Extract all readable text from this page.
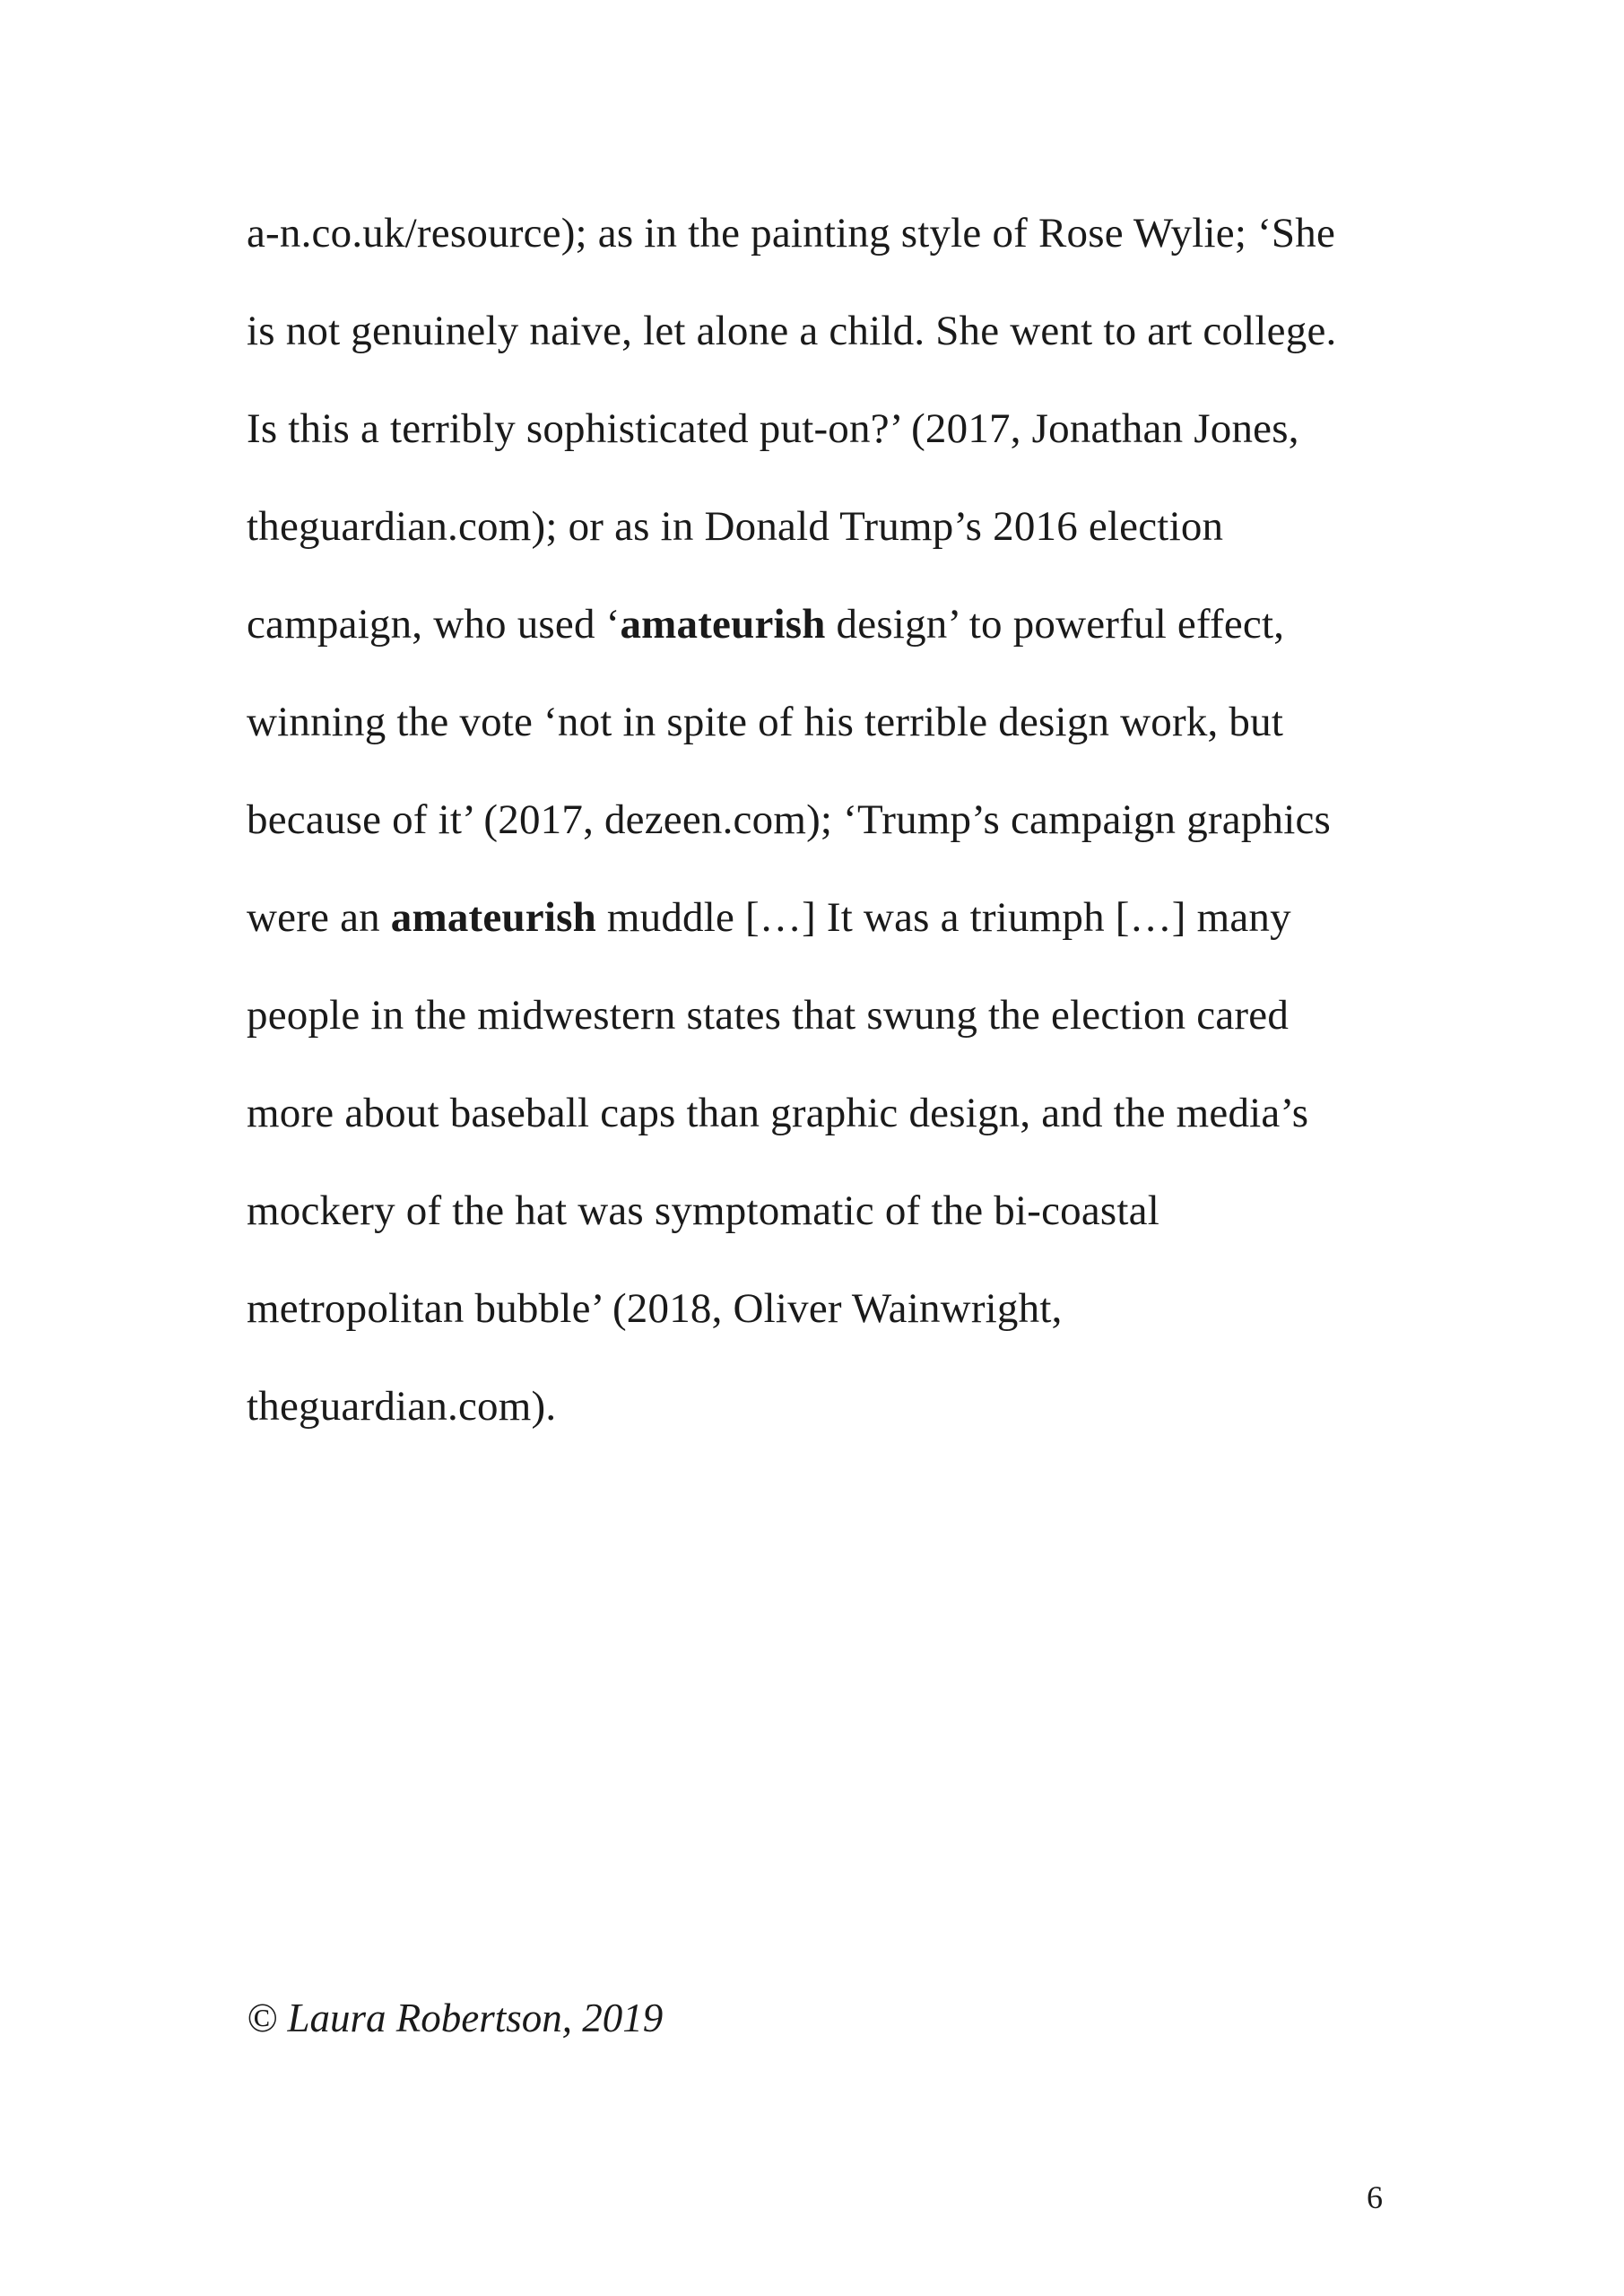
a-n.co.uk/resource); as in the painting style of Rose Wylie; ‘She
is not genuinely naive, let alone a child. She went to art college.
Is this a terribly sophisticated put-on?’ (2017, Jonathan Jones,
theguardian.com); or as in Donald Trump’s 2016 election
campaign, who used ‘amateurish design’ to powerful effect,
winning the vote ‘not in spite of his terrible design work, but
because of it’ (2017, dezeen.com); ‘Trump’s campaign graphics
were an amateurish muddle […] It was a triumph […] many
people in the midwestern states that swung the election cared
more about baseball caps than graphic design, and the media’s
mockery of the hat was symptomatic of the bi-coastal
metropolitan bubble’ (2018, Oliver Wainwright,
theguardian.com).
© Laura Robertson, 2019
6
